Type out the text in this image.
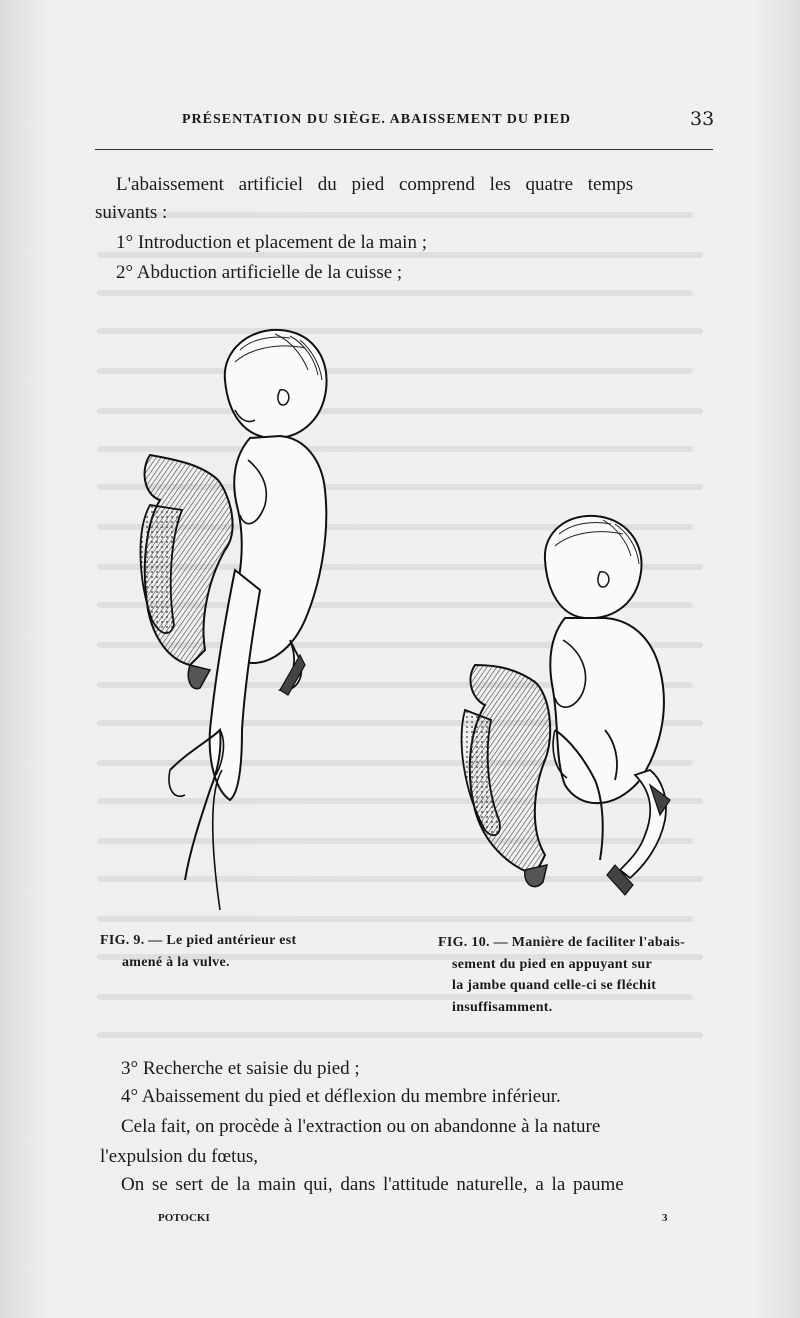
PRÉSENTATION DU SIÈGE. ABAISSEMENT DU PIED	33
L'abaissement artificiel du pied comprend les quatre temps
suivants :
1° Introduction et placement de la main ;
2° Abduction artificielle de la cuisse ;
FIG. 9. — Le pied antérieur est
amené à la vulve.
FIG. 10. — Manière de faciliter l'abais-
sement du pied en appuyant sur
la jambe quand celle-ci se fléchit
insuffisamment.
3° Recherche et saisie du pied ;
4° Abaissement du pied et déflexion du membre inférieur.
Cela fait, on procède à l'extraction ou on abandonne à la nature
l'expulsion du fœtus,
On se sert de la main qui, dans l'attitude naturelle, a la paume
POTOCKI	3
